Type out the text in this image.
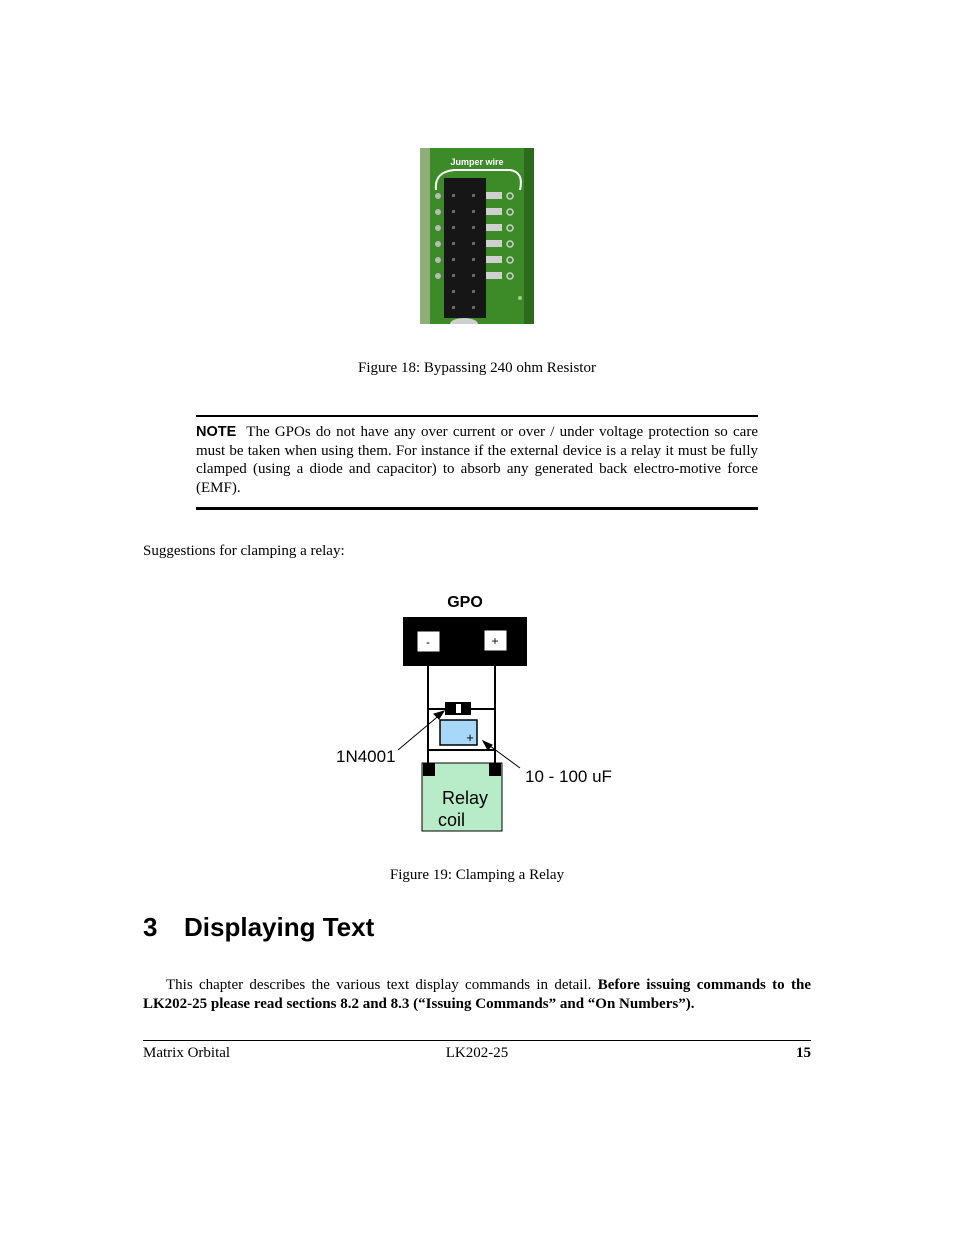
Jumper wire
Figure 18: Bypassing 240 ohm Resistor
NOTE The GPOs do not have any over current or over / under voltage protection so care must be taken when using them. For instance if the external device is a relay it must be fully clamped (using a diode and capacitor) to absorb any generated back electro-motive force (EMF).
Suggestions for clamping a relay:
GPO
-	+
+
1N4001
10 - 100 uF
Relay
coil
Figure 19: Clamping a Relay
3 Displaying Text
This chapter describes the various text display commands in detail. Before issuing commands to the LK202-25 please read sections 8.2 and 8.3 (“Issuing Commands” and “On Numbers”).
Matrix Orbital	LK202-25	15
